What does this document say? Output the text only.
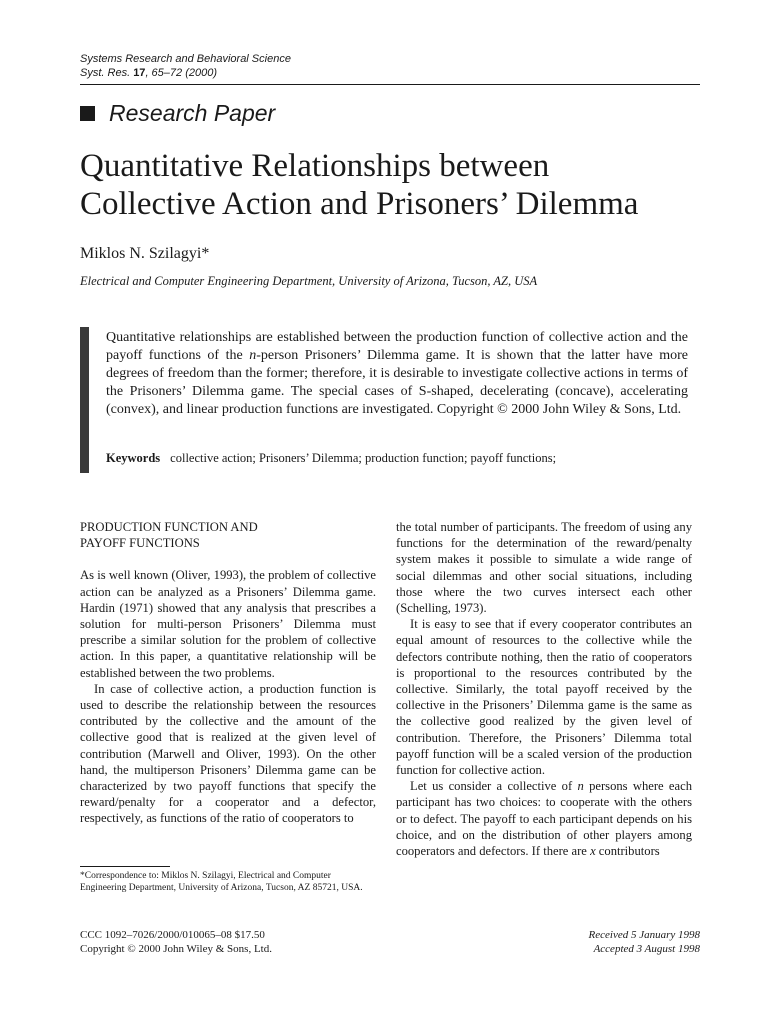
Systems Research and Behavioral Science
Syst. Res. 17, 65–72 (2000)
Research Paper
Quantitative Relationships between
Collective Action and Prisoners’ Dilemma
Miklos N. Szilagyi*
Electrical and Computer Engineering Department, University of Arizona, Tucson, AZ, USA
Quantitative relationships are established between the production function of collective action and the payoff functions of the n-person Prisoners’ Dilemma game. It is shown that the latter have more degrees of freedom than the former; therefore, it is desirable to investigate collective actions in terms of the Prisoners’ Dilemma game. The special cases of S-shaped, decelerating (concave), accelerating (convex), and linear production functions are investigated. Copyright © 2000 John Wiley & Sons, Ltd.
Keywords collective action; Prisoners’ Dilemma; production function; payoff functions;
PRODUCTION FUNCTION AND
PAYOFF FUNCTIONS

As is well known (Oliver, 1993), the problem of collective action can be analyzed as a Prisoners’ Dilemma game. Hardin (1971) showed that any analysis that prescribes a solution for multi-person Prisoners’ Dilemma must prescribe a similar solution for the problem of collective action. In this paper, a quantitative relationship will be established between the two problems.

In case of collective action, a production function is used to describe the relationship between the resources contributed by the collective and the amount of the collective good that is realized at the given level of contribution (Marwell and Oliver, 1993). On the other hand, the multiperson Prisoners’ Dilemma game can be characterized by two payoff functions that specify the reward/penalty for a cooperator and a defector, respectively, as functions of the ratio of cooperators to

the total number of participants. The freedom of using any functions for the determination of the reward/penalty system makes it possible to simulate a wide range of social dilemmas and other social situations, including those where the two curves intersect each other (Schelling, 1973).

It is easy to see that if every cooperator contributes an equal amount of resources to the collective while the defectors contribute nothing, then the ratio of cooperators is proportional to the resources contributed by the collective. Similarly, the total payoff received by the collective in the Prisoners’ Dilemma game is the same as the collective good realized by the given level of contribution. Therefore, the Prisoners’ Dilemma total payoff function will be a scaled version of the production function for collective action.

Let us consider a collective of n persons where each participant has two choices: to cooperate with the others or to defect. The payoff to each participant depends on his choice, and on the distribution of other players among cooperators and defectors. If there are x contributors

*Correspondence to: Miklos N. Szilagyi, Electrical and Computer Engineering Department, University of Arizona, Tucson, AZ 85721, USA.
CCC 1092–7026/2000/010065–08 $17.50
Copyright © 2000 John Wiley & Sons, Ltd.
Received 5 January 1998
Accepted 3 August 1998
